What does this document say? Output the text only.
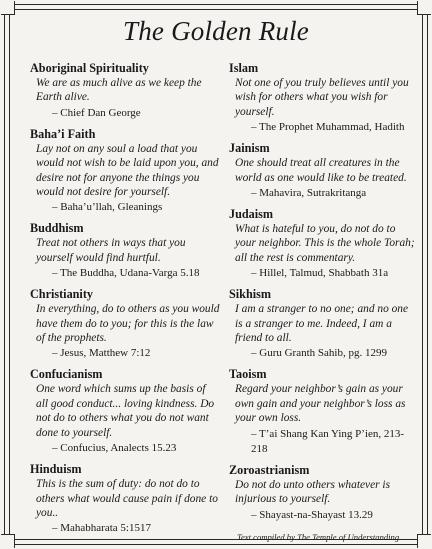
The Golden Rule

Aboriginal Spirituality

We are as much alive as we keep the Earth alive.

– Chief Dan George

Baha’i Faith

Lay not on any soul a load that you would not wish to be laid upon you, and desire not for anyone the things you would not desire for yourself.

– Baha’u’llah, Gleanings

Buddhism

Treat not others in ways that you yourself would find hurtful.

– The Buddha, Udana-Varga 5.18

Christianity

In everything, do to others as you would have them do to you; for this is the law of the prophets.

– Jesus, Matthew 7:12

Confucianism

One word which sums up the basis of all good conduct... loving kindness. Do not do to others what you do not want done to yourself.

– Confucius, Analects 15.23

Hinduism

This is the sum of duty: do not do to others what would cause pain if done to you..

– Mahabharata 5:1517

Islam

Not one of you truly believes until you wish for others what you wish for yourself.

– The Prophet Muhammad, Hadith

Jainism

One should treat all creatures in the world as one would like to be treated.

– Mahavira, Sutrakritanga

Judaism

What is hateful to you, do not do to your neighbor. This is the whole Torah; all the rest is commentary.

– Hillel, Talmud, Shabbath 31a

Sikhism

I am a stranger to no one; and no one is a stranger to me. Indeed, I am a friend to all.

– Guru Granth Sahib, pg. 1299

Taoism

Regard your neighbor’s gain as your own gain and your neighbor’s loss as your own loss.

– T’ai Shang Kan Ying P’ien, 213-218

Zoroastrianism

Do not do unto others whatever is injurious to yourself.

– Shayast-na-Shayast 13.29

Text compiled by The Temple of Understanding
